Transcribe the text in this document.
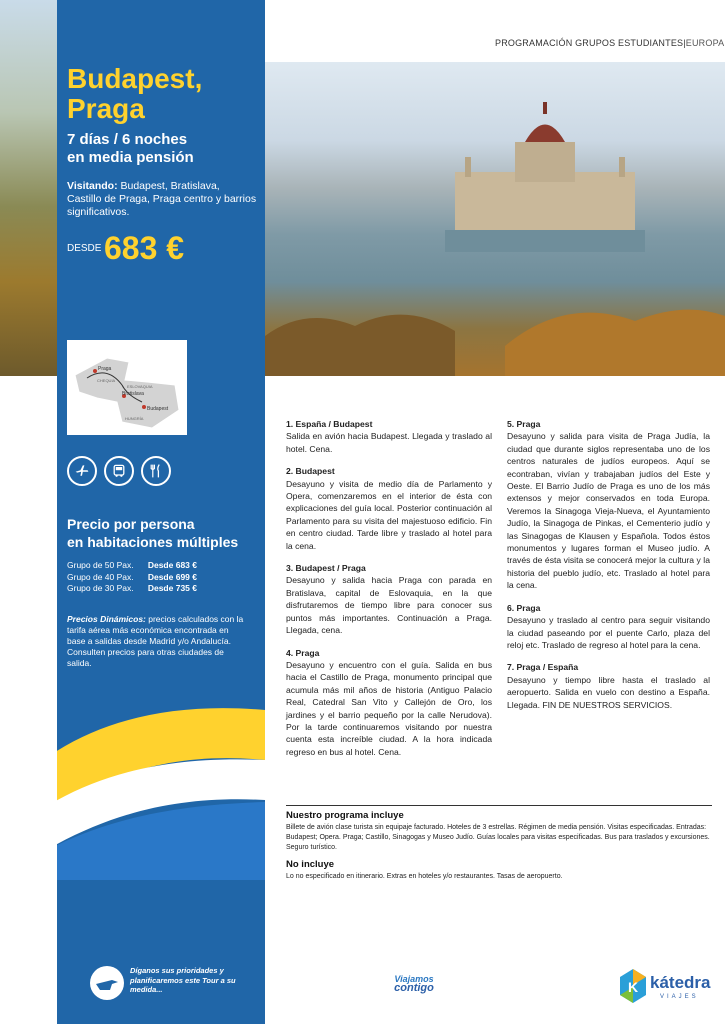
PROGRAMACIÓN GRUPOS ESTUDIANTES|EUROPA
Budapest,
Praga
7 días / 6 noches
en media pensión
Visitando: Budapest, Bratislava, Castillo de Praga, Praga centro y barrios significativos.
DESDE 683 €
Praga
CHEQUIA
ESLOVAQUIA
Bratislava
Budapest
HUNGRÍA
Precio por persona
en habitaciones múltiples
Grupo de 50 Pax. Desde 683 €
Grupo de 40 Pax. Desde 699 €
Grupo de 30 Pax. Desde 735 €
Precios Dinámicos: precios calculados con la tarifa aérea más económica encontrada en base a salidas desde Madrid y/o Andalucía. Consulten precios para otras ciudades de salida.
Díganos sus prioridades y planificaremos este Tour a su medida...
1. España / Budapest

Salida en avión hacia Budapest. Llegada y traslado al hotel. Cena.

2. Budapest

Desayuno y visita de medio día de Parlamento y Opera, comenzaremos en el interior de ésta con explicaciones del guía local. Posterior continuación al Parlamento para su visita del majestuoso edificio. Fin en centro ciudad. Tarde libre y traslado al hotel para la cena.

3. Budapest / Praga

Desayuno y salida hacia Praga con parada en Bratislava, capital de Eslovaquia, en la que disfrutaremos de tiempo libre para conocer sus puntos más importantes. Continuación a Praga. Llegada, cena.

4. Praga

Desayuno y encuentro con el guía. Salida en bus hacia el Castillo de Praga, monumento principal que acumula más mil años de historia (Antiguo Palacio Real, Catedral San Vito y Callejón de Oro, los jardines y el barrio pequeño por la calle Nerudova). Por la tarde continuaremos visitando por nuestra cuenta esta increíble ciudad. A la hora indicada regreso en bus al hotel. Cena.

5. Praga

Desayuno y salida para visita de Praga Judía, la ciudad que durante siglos representaba uno de los centros naturales de judíos europeos. Aquí se econtraban, vivían y trabajaban judíos del Este y Oeste. El Barrio Judío de Praga es uno de los más extensos y mejor conservados en toda Europa. Veremos la Sinagoga Vieja-Nueva, el Ayuntamiento Judío, la Sinagoga de Pinkas, el Cementerio judío y las Sinagogas de Klausen y Española. Todos éstos monumentos y lugares forman el Museo judío. A través de ésta visita se conocerá mejor la cultura y la historia del pueblo judío, etc. Traslado al hotel para la cena.

6. Praga

Desayuno y traslado al centro para seguir visitando la ciudad paseando por el puente Carlo, plaza del reloj etc. Traslado de regreso al hotel para la cena.

7. Praga / España

Desayuno y tiempo libre hasta el traslado al aeropuerto. Salida en vuelo con destino a España. Llegada. FIN DE NUESTROS SERVICIOS.

Nuestro programa incluye

Billete de avión clase turista sin equipaje facturado. Hoteles de 3 estrellas. Régimen de media pensión. Visitas especificadas. Entradas: Budapest; Opera. Praga; Castillo, Sinagogas y Museo Judío. Guías locales para visitas especificadas. Bus para traslados y excursiones. Seguro turístico.

No incluye

Lo no especificado en itinerario. Extras en hoteles y/o restaurantes. Tasas de aeropuerto.

Viajamos
contigo	K kátedra
VIAJES
